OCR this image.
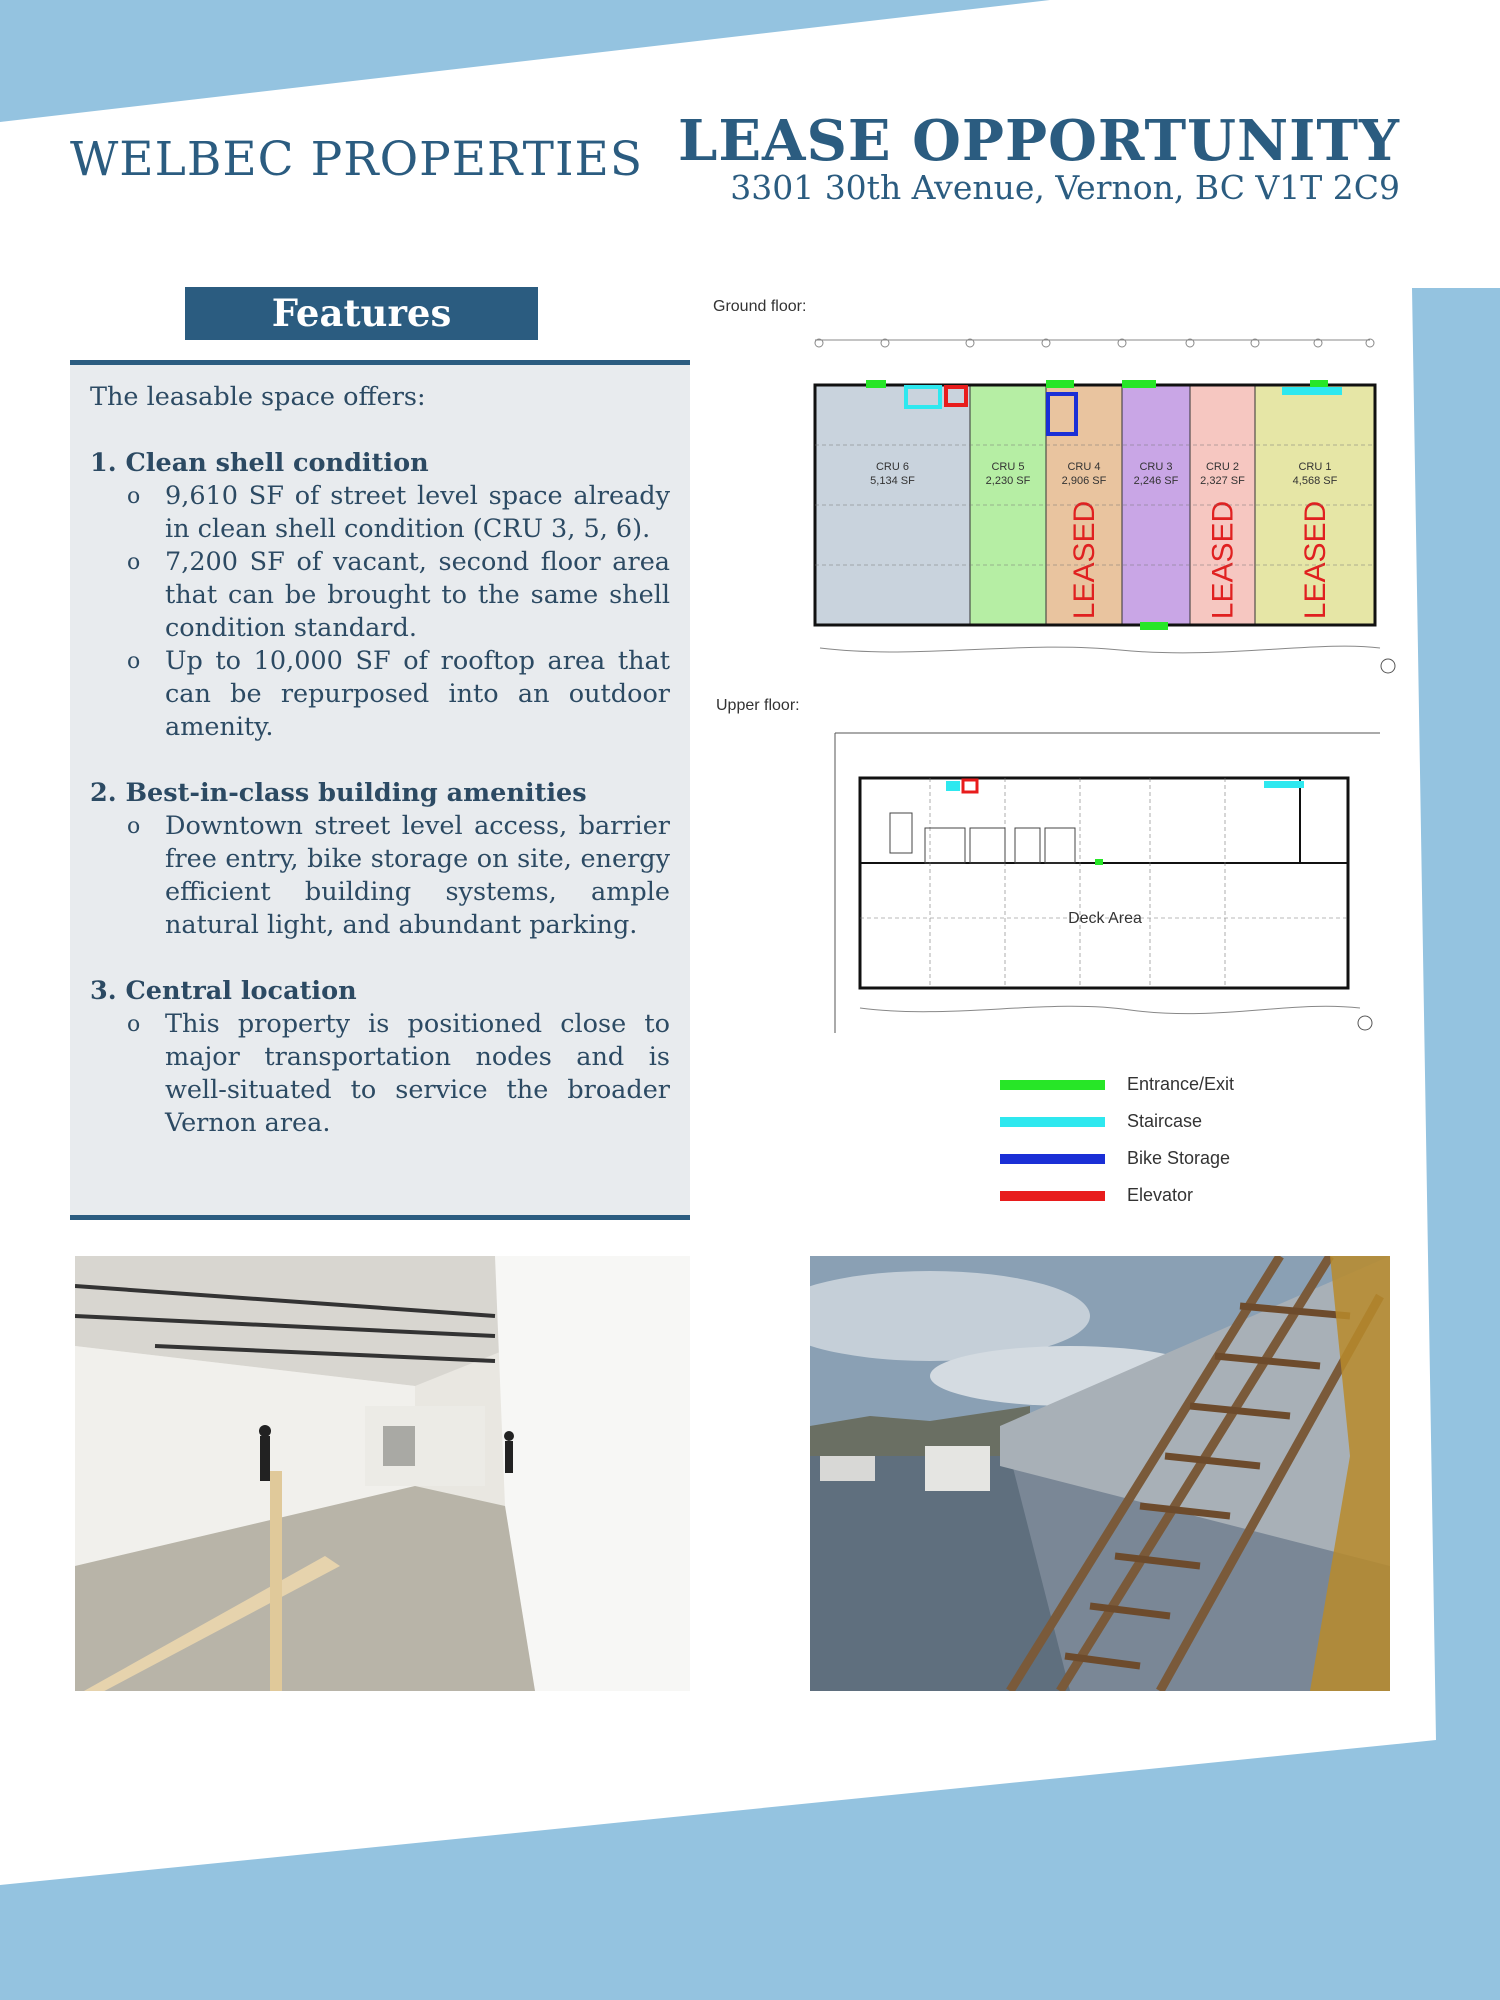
WELBEC PROPERTIES LEASE OPPORTUNITY
3301 30th Avenue, Vernon, BC V1T 2C9
Features
The leasable space offers:
1. Clean shell condition
o 9,610 SF of street level space already in clean shell condition (CRU 3, 5, 6).
o 7,200 SF of vacant, second floor area that can be brought to the same shell condition standard.
o Up to 10,000 SF of rooftop area that can be repurposed into an outdoor amenity.
2. Best-in-class building amenities
o Downtown street level access, barrier free entry, bike storage on site, energy efficient building systems, ample natural light, and abundant parking.
3. Central location
o This property is positioned close to major transportation nodes and is well-situated to service the broader Vernon area.
Ground floor:
CRU 6
5,134 SF
CRU 5
2,230 SF
CRU 4
2,906 SF
LEASED
CRU 3
2,246 SF
CRU 2
2,327 SF
LEASED
CRU 1
4,568 SF
LEASED
Upper floor:
Deck Area
Entrance/Exit
Staircase
Bike Storage
Elevator
